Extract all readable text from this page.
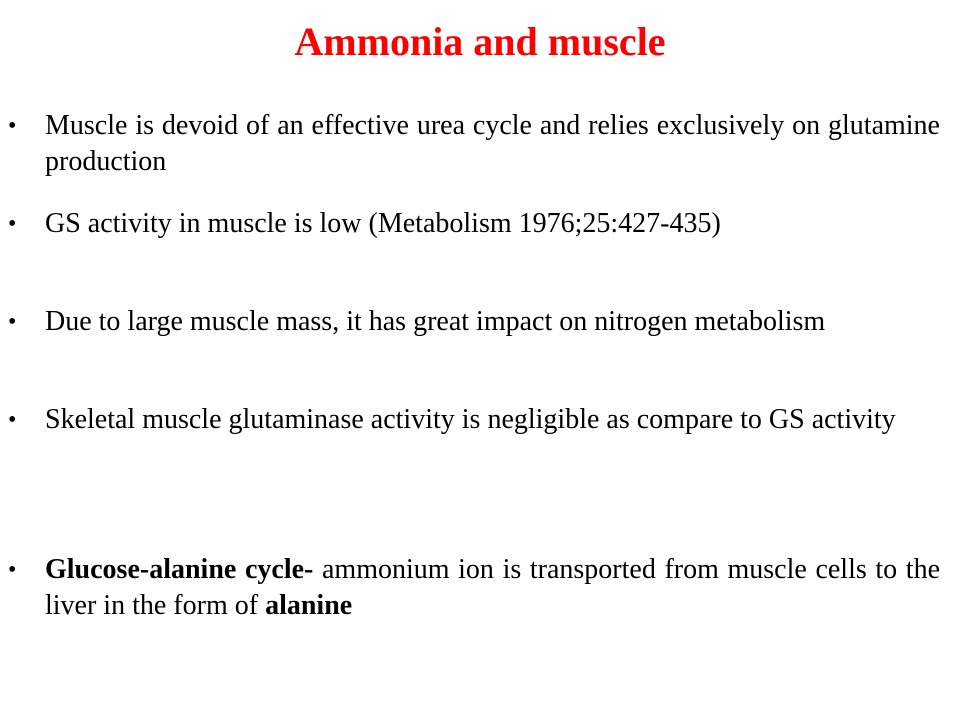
Ammonia and muscle
•	Muscle is devoid of an effective urea cycle and relies exclusively on glutamine production
•	GS activity in muscle is low (Metabolism 1976;25:427-435)
•	Due to large muscle mass, it has great impact on nitrogen metabolism
•	Skeletal muscle glutaminase activity is negligible as compare to GS activity
•	Glucose-alanine cycle- ammonium ion is transported from muscle cells to the liver in the form of alanine
